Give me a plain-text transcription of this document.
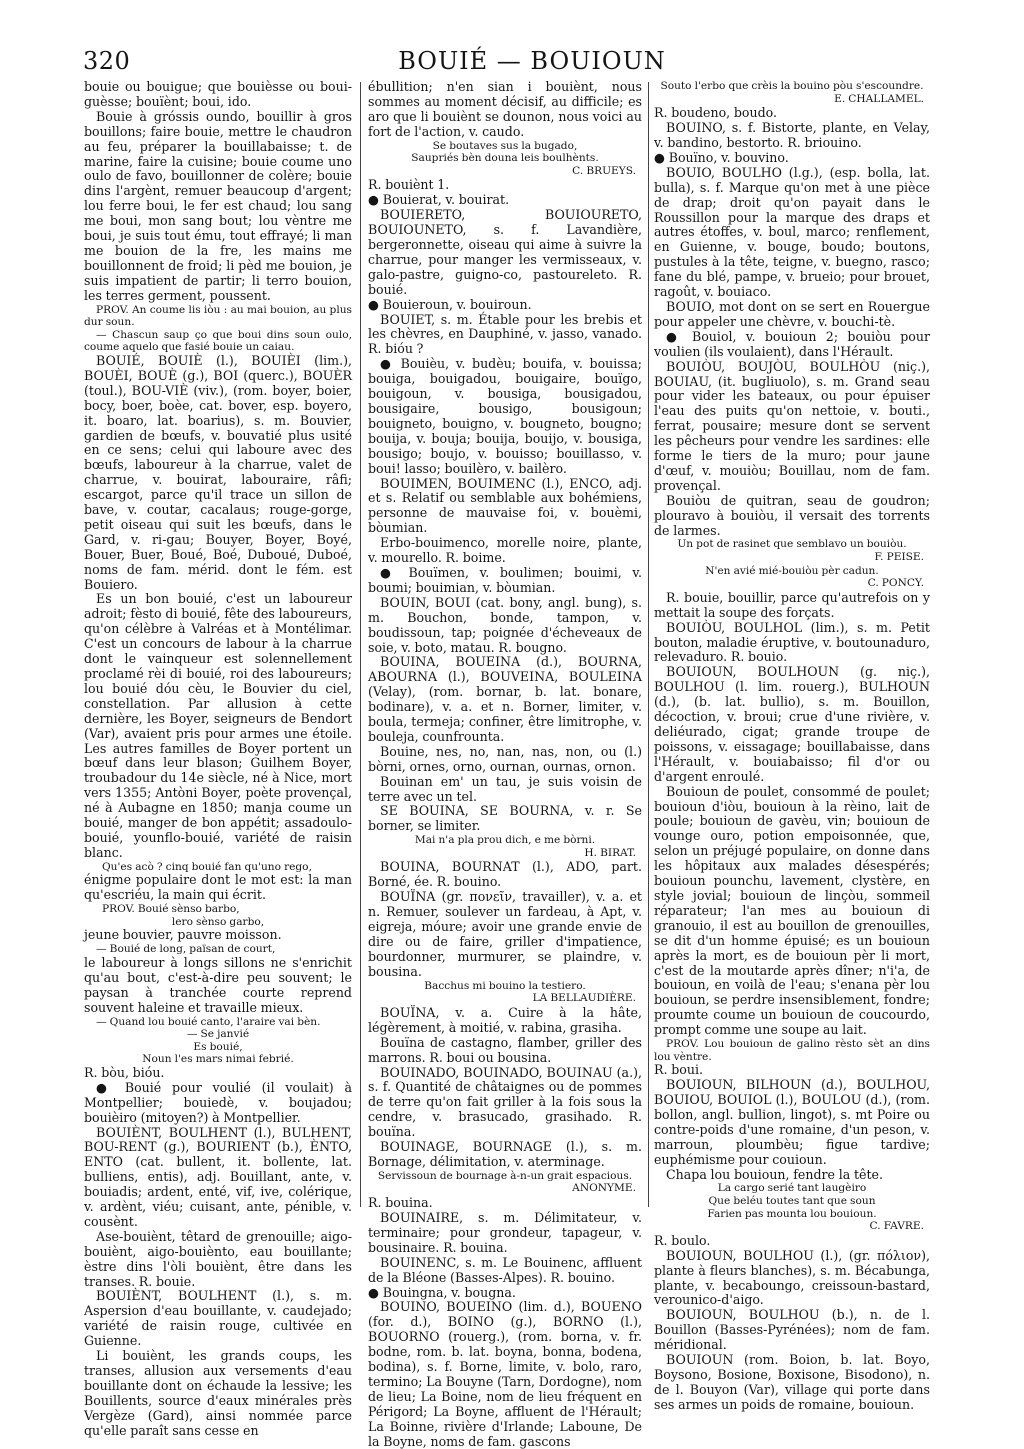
320	BOUIÉ — BOUIOUN

bouie ou bouigue; que bouièsse ou boui-guèsse; bouïènt; boui, ido.

Bouie à gróssis oundo, bouillir à gros bouillons; faire bouie, mettre le chaudron au feu, préparer la bouillabaisse; t. de marine, faire la cuisine; bouie coume uno oulo de favo, bouillonner de colère; bouie dins l'argènt, remuer beaucoup d'argent; lou ferre boui, le fer est chaud; lou sang me boui, mon sang bout; lou vèntre me boui, je suis tout ému, tout effrayé; li man me bouion de la fre, les mains me bouillonnent de froid; li pèd me bouion, je suis impatient de partir; li terro bouion, les terres germent, poussent.

PROV. An coume lis iòu : au mai bouion, au plus dur soun.

— Chascun saup ço que boui dins soun oulo, coume aquelo que fasié bouie un caiau.

BOUIÉ, BOUIÈ (l.), BOUIÈI (lim.), BOUÈI, BOUÈ (g.), BOI (querc.), BOUÈR (toul.), BOU-VIÈ (viv.), (rom. boyer, boier, bocy, boer, boèe, cat. bover, esp. boyero, it. boaro, lat. boarius), s. m. Bouvier, gardien de bœufs, v. bouvatié plus usité en ce sens; celui qui laboure avec des bœufs, laboureur à la charrue, valet de charrue, v. bouirat, labouraire, râfi; escargot, parce qu'il trace un sillon de bave, v. coutar, cacalaus; rouge-gorge, petit oiseau qui suit les bœufs, dans le Gard, v. ri-gau; Bouyer, Boyer, Boyé, Bouer, Buer, Boué, Boé, Duboué, Duboé, noms de fam. mérid. dont le fém. est Bouiero.

Es un bon bouié, c'est un laboureur adroit; fèsto di bouié, fête des laboureurs, qu'on célèbre à Valréas et à Montélimar. C'est un concours de labour à la charrue dont le vainqueur est solennellement proclamé rèi di bouié, roi des laboureurs; lou bouié dóu cèu, le Bouvier du ciel, constellation. Par allusion à cette dernière, les Boyer, seigneurs de Bendort (Var), avaient pris pour armes une étoile. Les autres familles de Boyer portent un bœuf dans leur blason; Guilhem Boyer, troubadour du 14e siècle, né à Nice, mort vers 1355; Antòni Boyer, poète provençal, né à Aubagne en 1850; manja coume un bouié, manger de bon appétit; assadoulo-bouié, younflo-bouié, variété de raisin blanc.

Qu'es acò ? cinq bouié fan qu'uno rego,

énigme populaire dont le mot est: la man qu'escriéu, la main qui écrit.

PROV. Bouié sènso barbo,

lero sènso garbo,

jeune bouvier, pauvre moisson.

— Bouié de long, païsan de court,

le laboureur à longs sillons ne s'enrichit qu'au bout, c'est-à-dire peu souvent; le paysan à tranchée courte reprend souvent haleine et travaille mieux.

— Quand lou bouié canto, l'araire vai bèn.

— Se janvié

Es bouié,

Noun l'es mars nimai febrié.

R. bòu, bióu.

● Bouié pour voulié (il voulait) à Montpellier; bouiedè, v. boujadou; bouièiro (mitoyen?) à Montpellier.

BOUIÈNT, BOULHENT (l.), BULHENT, BOU-RENT (g.), BOURIENT (b.), ÈNTO, ENTO (cat. bullent, it. bollente, lat. bulliens, entis), adj. Bouillant, ante, v. bouiadis; ardent, enté, vif, ive, colérique, v. ardènt, viéu; cuisant, ante, pénible, v. cousènt.

Ase-bouiènt, têtard de grenouille; aigo-bouiènt, aigo-bouiènto, eau bouillante; èstre dins l'òli bouiènt, être dans les transes. R. bouie.

BOUIÈNT, BOULHENT (l.), s. m. Aspersion d'eau bouillante, v. caudejado; variété de raisin rouge, cultivée en Guienne.

Li bouiènt, les grands coups, les transes, allusion aux versements d'eau bouillante dont on échaude la lessive; les Bouillents, source d'eaux minérales près Vergèze (Gard), ainsi nommée parce qu'elle paraît sans cesse en

ébullition; n'en sian i bouiènt, nous sommes au moment décisif, au difficile; es aro que li bouiènt se dounon, nous voici au fort de l'action, v. caudo.

Se boutaves sus la bugado,

Saupriés bèn douna leis boulhènts.

C. BRUEYS.

R. bouiènt 1.

● Bouierat, v. bouirat.

BOUIERETO, BOUIOURETO, BOUIOUNETO, s. f. Lavandière, bergeronnette, oiseau qui aime à suivre la charrue, pour manger les vermisseaux, v. galo-pastre, guigno-co, pastoureleto. R. bouié.

● Bouieroun, v. bouiroun.

BOUIET, s. m. Étable pour les brebis et les chèvres, en Dauphiné, v. jasso, vanado. R. bióu ?

● Bouièu, v. budèu; bouifa, v. bouissa; bouiga, bouigadou, bouigaire, bouïgo, bouigoun, v. bousiga, bousigadou, bousigaire, bousigo, bousigoun; bouigneto, bouigno, v. bougneto, bougno; bouija, v. bouja; bouija, bouijo, v. bousiga, bousigo; boujo, v. bouisso; bouillasso, v. boui! lasso; bouilèro, v. bailèro.

BOUIMEN, BOUIMENC (l.), ENCO, adj. et s. Relatif ou semblable aux bohémiens, personne de mauvaise foi, v. bouèmi, bòumian.

Erbo-bouimenco, morelle noire, plante, v. mourello. R. boime.

● Bouïmen, v. boulimen; bouimi, v. boumi; bouimian, v. bòumian.

BOUIN, BOUI (cat. bony, angl. bung), s. m. Bouchon, bonde, tampon, v. boudissoun, tap; poignée d'écheveaux de soie, v. boto, matau. R. bougno.

BOUINA, BOUEINA (d.), BOURNA, ABOURNA (l.), BOUVEINA, BOULEINA (Velay), (rom. bornar, b. lat. bonare, bodinare), v. a. et n. Borner, limiter, v. boula, termeja; confiner, être limitrophe, v. bouleja, counfrounta.

Bouine, nes, no, nan, nas, non, ou (l.) bòrni, ornes, orno, ournan, ournas, ornon.

Bouinan em' un tau, je suis voisin de terre avec un tel.

SE BOUINA, SE BOURNA, v. r. Se borner, se limiter.

Mai n'a pla prou dich, e me bòrni.

H. BIRAT.

BOUINA, BOURNAT (l.), ADO, part. Borné, ée. R. bouino.

BOUÏNA (gr. πονεῖν, travailler), v. a. et n. Remuer, soulever un fardeau, à Apt, v. eigreja, móure; avoir une grande envie de dire ou de faire, griller d'impatience, bourdonner, murmurer, se plaindre, v. bousina.

Bacchus mi bouino la testiero.

LA BELLAUDIÈRE.

BOUÏNA, v. a. Cuire à la hâte, légèrement, à moitié, v. rabina, grasiha.

Bouïna de castagno, flamber, griller des marrons. R. boui ou bousina.

BOUINADO, BOUINADO, BOUINAU (a.), s. f. Quantité de châtaignes ou de pommes de terre qu'on fait griller à la fois sous la cendre, v. brasucado, grasihado. R. bouïna.

BOUINAGE, BOURNAGE (l.), s. m. Bornage, délimitation, v. aterminage.

Servissoun de bournage à-n-un grait espacious.

ANONYME.

R. bouina.

BOUINAIRE, s. m. Délimitateur, v. terminaire; pour grondeur, tapageur, v. bousinaire. R. bouina.

BOUINENC, s. m. Le Bouinenc, affluent de la Bléone (Basses-Alpes). R. bouino.

● Bouingna, v. bougna.

BOUINO, BOUEINO (lim. d.), BOUENO (for. d.), BOINO (g.), BORNO (l.), BOUORNO (rouerg.), (rom. borna, v. fr. bodne, rom. b. lat. boyna, bonna, bodena, bodina), s. f. Borne, limite, v. bolo, raro, termino; La Bouyne (Tarn, Dordogne), nom de lieu; La Boine, nom de lieu fréquent en Périgord; La Boyne, affluent de l'Hérault; La Boinne, rivière d'Irlande; Laboune, De la Boyne, noms de fam. gascons

Souto l'erbo que crèis la bouino pòu s'escoundre.

E. CHALLAMEL.

R. boudeno, boudo.

BOUINO, s. f. Bistorte, plante, en Velay, v. bandino, bestorto. R. briouino.

● Bouïno, v. bouvino.

BOUIO, BOULHO (l.g.), (esp. bolla, lat. bulla), s. f. Marque qu'on met à une pièce de drap; droit qu'on payait dans le Roussillon pour la marque des draps et autres étoffes, v. boul, marco; renflement, en Guienne, v. bouge, boudo; boutons, pustules à la tête, teigne, v. buegno, rasco; fane du blé, pampe, v. brueio; pour brouet, ragoût, v. bouiaco.

BOUIO, mot dont on se sert en Rouergue pour appeler une chèvre, v. bouchi-tè.

● Bouiol, v. bouioun 2; bouiòu pour voulien (ils voulaient), dans l'Hérault.

BOUIÒU, BOUJÒU, BOULHÒU (niç.), BOUIAU, (it. bugliuolo), s. m. Grand seau pour vider les bateaux, ou pour épuiser l'eau des puits qu'on nettoie, v. bouti., ferrat, pousaire; mesure dont se servent les pêcheurs pour vendre les sardines: elle forme le tiers de la muro; pour jaune d'œuf, v. mouiòu; Bouillau, nom de fam. provençal.

Bouiòu de quitran, seau de goudron; plouravo à bouiòu, il versait des torrents de larmes.

Un pot de rasinet que semblavo un bouiòu.

F. PEISE.

N'en avié mié-bouiòu pèr cadun.

C. PONCY.

R. bouie, bouillir, parce qu'autrefois on y mettait la soupe des forçats.

BOUIÒU, BOULHOL (lim.), s. m. Petit bouton, maladie éruptive, v. boutounaduro, relevaduro. R. bouio.

BOUIOUN, BOULHOUN (g. niç.), BOULHOU (l. lim. rouerg.), BULHOUN (d.), (b. lat. bullio), s. m. Bouillon, décoction, v. broui; crue d'une rivière, v. deliéurado, cigat; grande troupe de poissons, v. eissagage; bouillabaisse, dans l'Hérault, v. bouiabaisso; fil d'or ou d'argent enroulé.

Bouioun de poulet, consommé de poulet; bouioun d'iòu, bouioun à la rèino, lait de poule; bouioun de gavèu, vin; bouioun de vounge ouro, potion empoisonnée, que, selon un préjugé populaire, on donne dans les hôpitaux aux malades désespérés; bouioun pounchu, lavement, clystère, en style jovial; bouioun de linçòu, sommeil réparateur; l'an mes au bouioun di granouio, il est au bouillon de grenouilles, se dit d'un homme épuisé; es un bouioun après la mort, es de bouioun pèr li mort, c'est de la moutarde après dîner; n'i'a, de bouioun, en voilà de l'eau; s'enana pèr lou bouioun, se perdre insensiblement, fondre; proumte coume un bouioun de coucourdo, prompt comme une soupe au lait.

PROV. Lou bouioun de galino rèsto sèt an dins lou vèntre.

R. boui.

BOUIOUN, BILHOUN (d.), BOULHOU, BOUIOU, BOUIOL (l.), BOULOU (d.), (rom. bollon, angl. bullion, lingot), s. mt Poire ou contre-poids d'une romaine, d'un peson, v. marroun, ploumbèu; figue tardive; euphémisme pour couioun.

Chapa lou bouioun, fendre la tête.

La cargo serié tant laugèiro

Que beléu toutes tant que soun

Farien pas mounta lou bouioun.

C. FAVRE.

R. boulo.

BOUIOUN, BOULHOU (l.), (gr. πόλιον), plante à fleurs blanches), s. m. Bécabunga, plante, v. becaboungo, creissoun-bastard, verounico-d'aigo.

BOUIOUN, BOULHOU (b.), n. de l. Bouillon (Basses-Pyrénées); nom de fam. méridional.

BOUIOUN (rom. Boion, b. lat. Boyo, Boysono, Bosione, Boxisone, Bisodono), n. de l. Bouyon (Var), village qui porte dans ses armes un poids de romaine, bouioun.
